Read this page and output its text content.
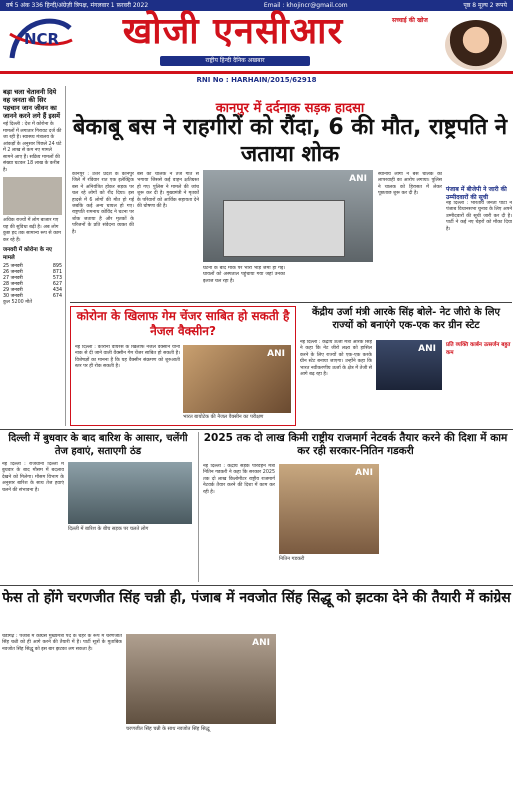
वर्ष 5 अंक 336 हिन्दी/अंग्रेज़ी त्रिपक्ष, मंगलवार 1 फ़रवरी 2022	Email : khojincr@gmail.com	पृष्ठ 8 मूल्य 2 रूपये
NCR	खोजी एनसीआर
राष्ट्रीय हिन्दी दैनिक अखबार
सच्चाई की खोज
RNI No : HARHAIN/2015/62918
बड़ा चला चेतावनी दिये वह जनता की सिर पहचान जान जीवन का जानने करने लगे हैं इसमें
नई दिल्ली : देश में कोरोना के मामलों में लगातार गिरावट दर्ज की जा रही है। स्वास्थ्य मंत्रालय के आंकड़ों के अनुसार पिछले 24 घंटे में 2 लाख से कम नए मामले सामने आए हैं। सक्रिय मामलों की संख्या घटकर 18 लाख के करीब है।
अधिक राज्यों में लोग बाजार गए यह की सुविधा बढ़ी है। अब लोग कुछ हद तक सामान्य रूप से काम कर रहे हैं।
जनवरी में कोरोना के नए मामले
25 जनवरी	895
26 जनवरी	871
27 जनवरी	573
28 जनवरी	627
29 जनवरी	434
30 जनवरी	674
कुल 5200 मौतें
कानपुर में दर्दनाक सड़क हादसा
बेकाबू बस ने राहगीरों को रौंदा, 6 की मौत, राष्ट्रपति ने जताया शोक
कानपुर : उत्तर प्रदेश के कानपुर जिले में रविवार रात एक इलेक्ट्रिक बस ने अनियंत्रित होकर सड़क पर चल रहे लोगों को रौंद दिया। इस हादसे में 6 लोगों की मौत हो गई जबकि कई अन्य घायल हो गए। राष्ट्रपति रामनाथ कोविंद ने घटना पर शोक जताया है और मृतकों के परिजनों के प्रति संवेदना व्यक्त की है।
बस को चालक ने तेज गति से भगाया जिससे कई वाहन क्षतिग्रस्त हो गए। पुलिस ने मामले की जांच शुरू कर दी है। मुख्यमंत्री ने मृतकों के परिवारों को आर्थिक सहायता देने की घोषणा की है।
ANI
घटना के बाद मौके पर भारी भीड़ जमा हो गई। घायलों को अस्पताल पहुंचाया गया जहां उनका इलाज चल रहा है।
स्थानीय लोगों ने बस चालक की लापरवाही का आरोप लगाया। पुलिस ने चालक को हिरासत में लेकर पूछताछ शुरू कर दी है।
पंजाब में बीजेपी ने जारी की उम्मीदवारों की सूची
नई दिल्ली : भारतीय जनता पार्टी ने पंजाब विधानसभा चुनाव के लिए अपने उम्मीदवारों की सूची जारी कर दी है। पार्टी ने कई नए चेहरों को मौका दिया है।
कोरोना के खिलाफ गेम चेंजर साबित हो सकती है नैजल वैक्सीन?
नई दिल्ली : कोरोना वायरस के खिलाफ नैजल वैक्सीन यानी नाक से दी जाने वाली वैक्सीन गेम चेंजर साबित हो सकती है। विशेषज्ञों का मानना है कि यह वैक्सीन संक्रमण को शुरुआती स्तर पर ही रोक सकती है।
ANI
भारत बायोटेक की नैजल वैक्सीन का परीक्षण
केंद्रीय उर्जा मंत्री आरके सिंह बोले- नेट जीरो के लिए राज्यों को बनाएंगे एक-एक कर ग्रीन स्टेट
नई दिल्ली : केंद्रीय ऊर्जा मंत्री आरके सिंह ने कहा कि नेट जीरो लक्ष्य को हासिल करने के लिए राज्यों को एक-एक करके ग्रीन स्टेट बनाया जाएगा। उन्होंने कहा कि भारत नवीकरणीय ऊर्जा के क्षेत्र में तेजी से आगे बढ़ रहा है।
ANI प्रति व्यक्ति कार्बन उत्सर्जन बहुत कम
दिल्ली में बुधवार के बाद बारिश के आसार, चलेंगी तेज हवाएं, सताएगी ठंड
नई दिल्ली : राजधानी दिल्ली में बुधवार के बाद मौसम में बदलाव देखने को मिलेगा। मौसम विभाग के अनुसार बारिश के साथ तेज हवाएं चलने की संभावना है।
दिल्ली में बारिश के बीच सड़क पर चलते लोग
2025 तक दो लाख किमी राष्ट्रीय राजमार्ग नेटवर्क तैयार करने की दिशा में काम कर रही सरकार-नितिन गडकरी
नई दिल्ली : केंद्रीय सड़क परिवहन मंत्री नितिन गडकरी ने कहा कि सरकार 2025 तक दो लाख किलोमीटर राष्ट्रीय राजमार्ग नेटवर्क तैयार करने की दिशा में काम कर रही है।
ANI
नितिन गडकरी
फेस तो होंगे चरणजीत सिंह चन्नी ही, पंजाब में नवजोत सिंह सिद्धू को झटका देने की तैयारी में कांग्रेस
चंडीगढ़ : पंजाब में कांग्रेस मुख्यमंत्री पद के चेहरे के रूप में चरणजीत सिंह चन्नी को ही आगे करने की तैयारी में है। पार्टी सूत्रों के मुताबिक नवजोत सिंह सिद्धू को इस बार झटका लग सकता है।
ANI
चरणजीत सिंह चन्नी के साथ नवजोत सिंह सिद्धू
